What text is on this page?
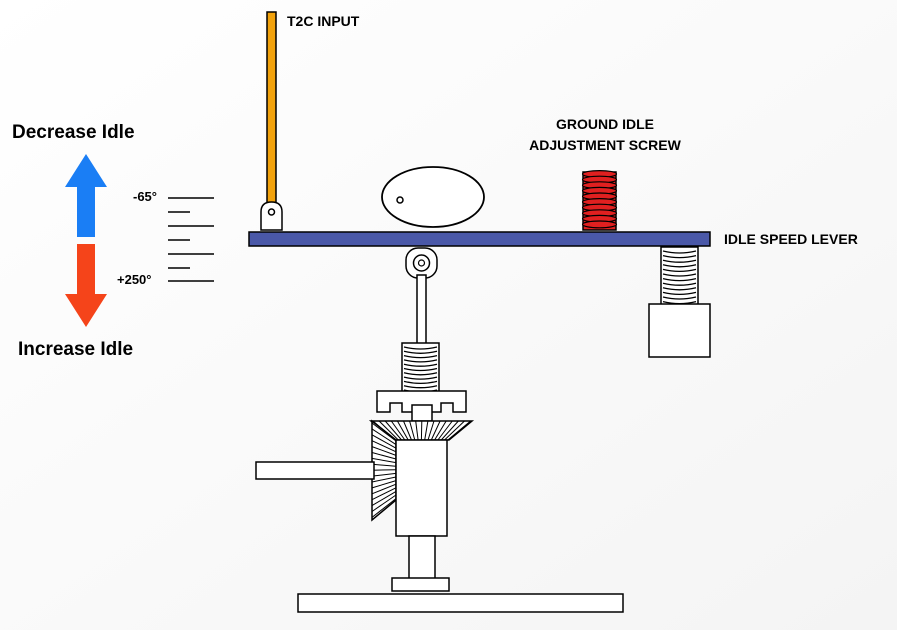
T2C INPUT
GROUND IDLE
ADJUSTMENT SCREW
IDLE SPEED LEVER
Decrease Idle
Increase Idle
-65°
+250°
